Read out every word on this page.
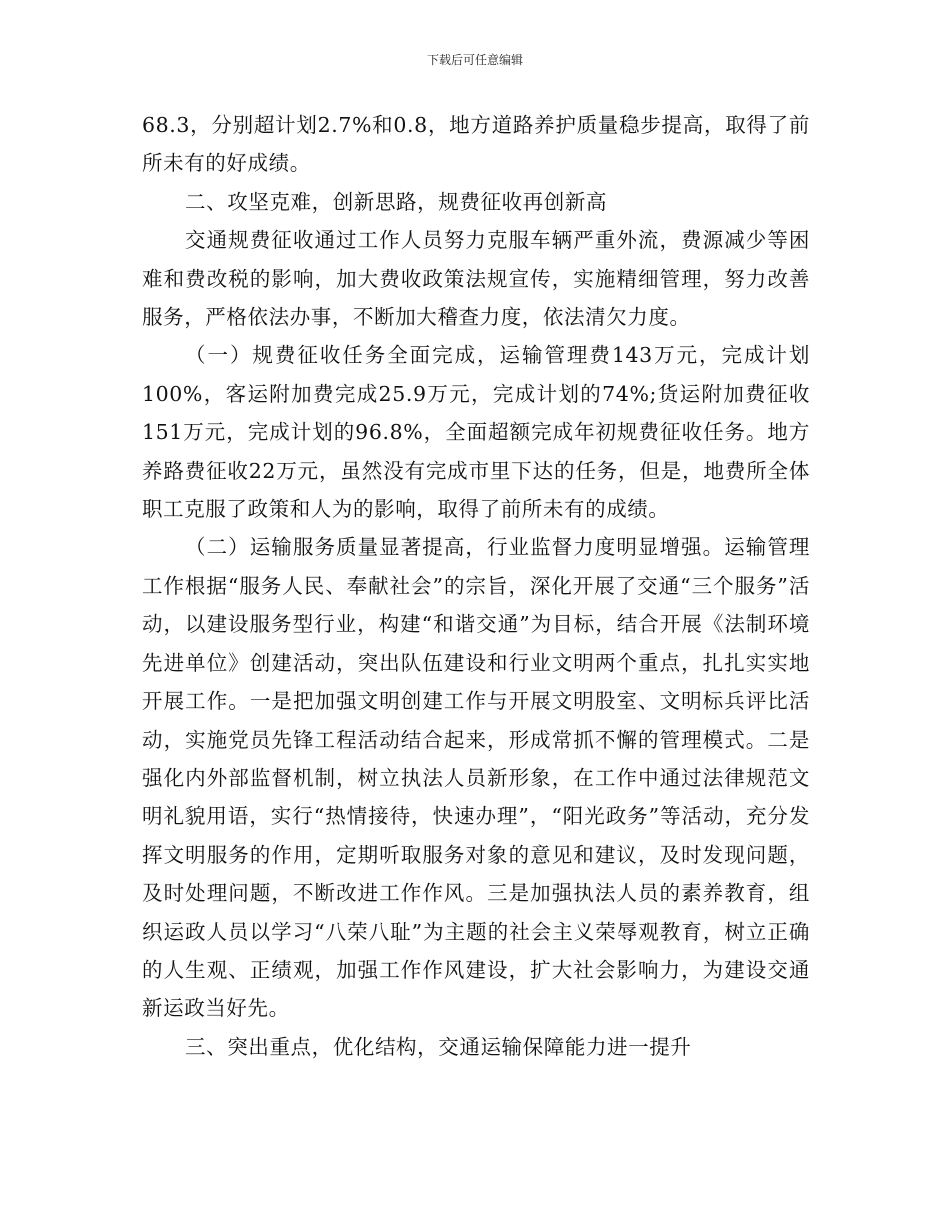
下载后可任意编辑

68.3，分别超计划2.7%和0.8，地方道路养护质量稳步提高，取得了前所未有的好成绩。

二、攻坚克难，创新思路，规费征收再创新高

交通规费征收通过工作人员努力克服车辆严重外流，费源减少等困难和费改税的影响，加大费收政策法规宣传，实施精细管理，努力改善服务，严格依法办事，不断加大稽查力度，依法清欠力度。

（一）规费征收任务全面完成，运输管理费143万元，完成计划100%，客运附加费完成25.9万元，完成计划的74%;货运附加费征收151万元，完成计划的96.8%，全面超额完成年初规费征收任务。地方养路费征收22万元，虽然没有完成市里下达的任务，但是，地费所全体职工克服了政策和人为的影响，取得了前所未有的成绩。

（二）运输服务质量显著提高，行业监督力度明显增强。运输管理工作根据“服务人民、奉献社会”的宗旨，深化开展了交通“三个服务”活动，以建设服务型行业，构建“和谐交通”为目标，结合开展《法制环境先进单位》创建活动，突出队伍建设和行业文明两个重点，扎扎实实地开展工作。一是把加强文明创建工作与开展文明股室、文明标兵评比活动，实施党员先锋工程活动结合起来，形成常抓不懈的管理模式。二是强化内外部监督机制，树立执法人员新形象，在工作中通过法律规范文明礼貌用语，实行“热情接待，快速办理”，“阳光政务”等活动，充分发挥文明服务的作用，定期听取服务对象的意见和建议，及时发现问题，及时处理问题，不断改进工作作风。三是加强执法人员的素养教育，组织运政人员以学习“八荣八耻”为主题的社会主义荣辱观教育，树立正确的人生观、正绩观，加强工作作风建设，扩大社会影响力，为建设交通新运政当好先。

三、突出重点，优化结构，交通运输保障能力进一提升
